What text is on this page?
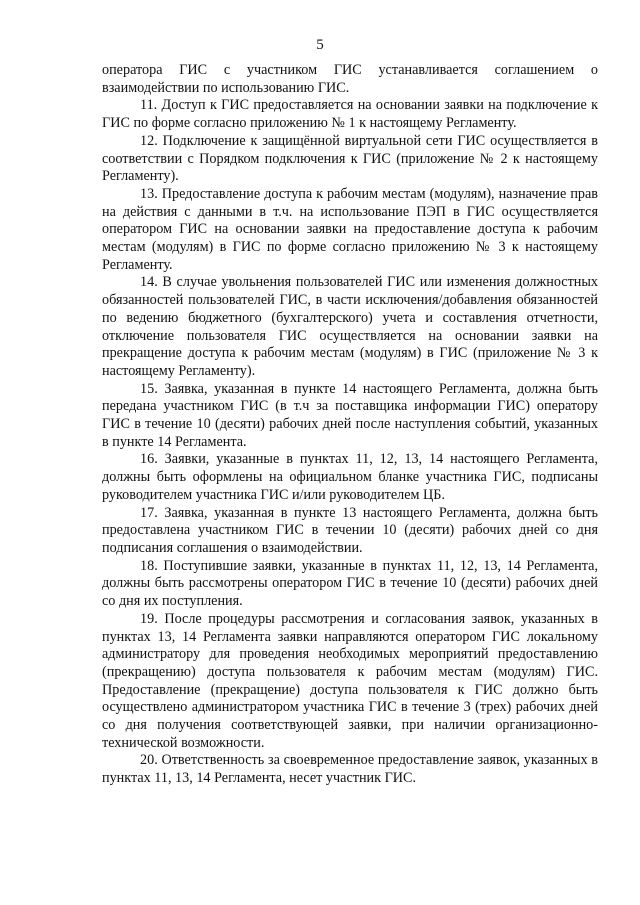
5

оператора ГИС с участником ГИС устанавливается соглашением о взаимодействии по использованию ГИС.

11. Доступ к ГИС предоставляется на основании заявки на подключение к ГИС по форме согласно приложению № 1 к настоящему Регламенту.

12. Подключение к защищённой виртуальной сети ГИС осуществляется в соответствии с Порядком подключения к ГИС (приложение № 2 к настоящему Регламенту).

13. Предоставление доступа к рабочим местам (модулям), назначение прав на действия с данными в т.ч. на использование ПЭП в ГИС осуществляется оператором ГИС на основании заявки на предоставление доступа к рабочим местам (модулям) в ГИС по форме согласно приложению № 3 к настоящему Регламенту.

14. В случае увольнения пользователей ГИС или изменения должностных обязанностей пользователей ГИС, в части исключения/добавления обязанностей по ведению бюджетного (бухгалтерского) учета и составления отчетности, отключение пользователя ГИС осуществляется на основании заявки на прекращение доступа к рабочим местам (модулям) в ГИС (приложение № 3 к настоящему Регламенту).

15. Заявка, указанная в пункте 14 настоящего Регламента, должна быть передана участником ГИС (в т.ч за поставщика информации ГИС) оператору ГИС в течение 10 (десяти) рабочих дней после наступления событий, указанных в пункте 14 Регламента.

16. Заявки, указанные в пунктах 11, 12, 13, 14 настоящего Регламента, должны быть оформлены на официальном бланке участника ГИС, подписаны руководителем участника ГИС и/или руководителем ЦБ.

17. Заявка, указанная в пункте 13 настоящего Регламента, должна быть предоставлена участником ГИС в течении 10 (десяти) рабочих дней со дня подписания соглашения о взаимодействии.

18. Поступившие заявки, указанные в пунктах 11, 12, 13, 14 Регламента, должны быть рассмотрены оператором ГИС в течение 10 (десяти) рабочих дней со дня их поступления.

19. После процедуры рассмотрения и согласования заявок, указанных в пунктах 13, 14 Регламента заявки направляются оператором ГИС локальному администратору для проведения необходимых мероприятий предоставлению (прекращению) доступа пользователя к рабочим местам (модулям) ГИС. Предоставление (прекращение) доступа пользователя к ГИС должно быть осуществлено администратором участника ГИС в течение 3 (трех) рабочих дней со дня получения соответствующей заявки, при наличии организационно-технической возможности.

20. Ответственность за своевременное предоставление заявок, указанных в пунктах 11, 13, 14 Регламента, несет участник ГИС.
